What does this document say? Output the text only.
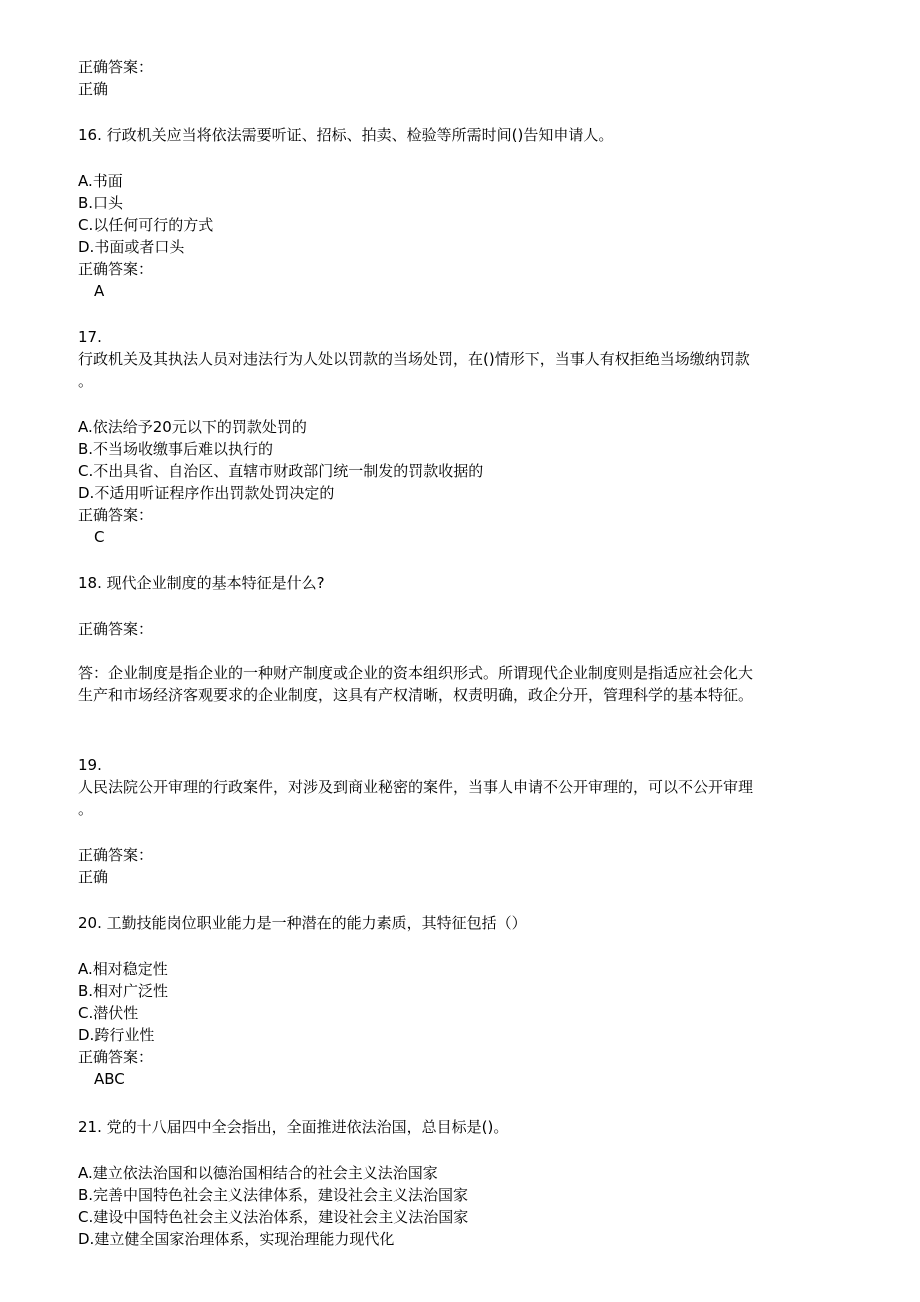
正确答案：
正确
16. 行政机关应当将依法需要听证、招标、拍卖、检验等所需时间()告知申请人。
A.书面
B.口头
C.以任何可行的方式
D.书面或者口头
正确答案：
A
17.
行政机关及其执法人员对违法行为人处以罚款的当场处罚，在()情形下，当事人有权拒绝当场缴纳罚款
。
A.依法给予20元以下的罚款处罚的
B.不当场收缴事后难以执行的
C.不出具省、自治区、直辖市财政部门统一制发的罚款收据的
D.不适用听证程序作出罚款处罚决定的
正确答案：
C
18. 现代企业制度的基本特征是什么?
正确答案：
答：企业制度是指企业的一种财产制度或企业的资本组织形式。所谓现代企业制度则是指适应社会化大
生产和市场经济客观要求的企业制度，这具有产权清晰，权责明确，政企分开，管理科学的基本特征。
19.
人民法院公开审理的行政案件，对涉及到商业秘密的案件，当事人申请不公开审理的，可以不公开审理
。
正确答案：
正确
20. 工勤技能岗位职业能力是一种潜在的能力素质，其特征包括（）
A.相对稳定性
B.相对广泛性
C.潜伏性
D.跨行业性
正确答案：
ABC
21. 党的十八届四中全会指出，全面推进依法治国，总目标是()。
A.建立依法治国和以德治国相结合的社会主义法治国家
B.完善中国特色社会主义法律体系，建设社会主义法治国家
C.建设中国特色社会主义法治体系，建设社会主义法治国家
D.建立健全国家治理体系，实现治理能力现代化
